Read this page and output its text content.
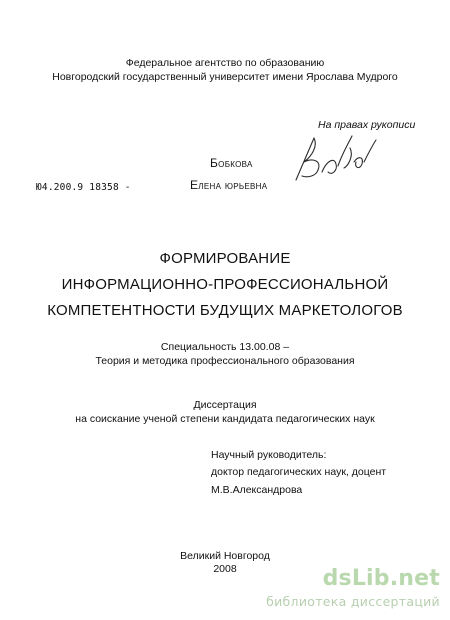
Федеральное агентство по образованию
Новгородский государственный университет имени Ярослава Мудрого
На правах рукописи
Бобкова
Ю4.200.9 18358 -	Елена юрьевна
ФОРМИРОВАНИЕ
ИНФОРМАЦИОННО-ПРОФЕССИОНАЛЬНОЙ
КОМПЕТЕНТНОСТИ БУДУЩИХ МАРКЕТОЛОГОВ
Специальность 13.00.08 –
Теория и методика профессионального образования
Диссертация
на соискание ученой степени кандидата педагогических наук
Научный руководитель:
доктор педагогических наук, доцент
М.В.Александрова
Великий Новгород
2008	dsLib.net
библиотека диссертаций
